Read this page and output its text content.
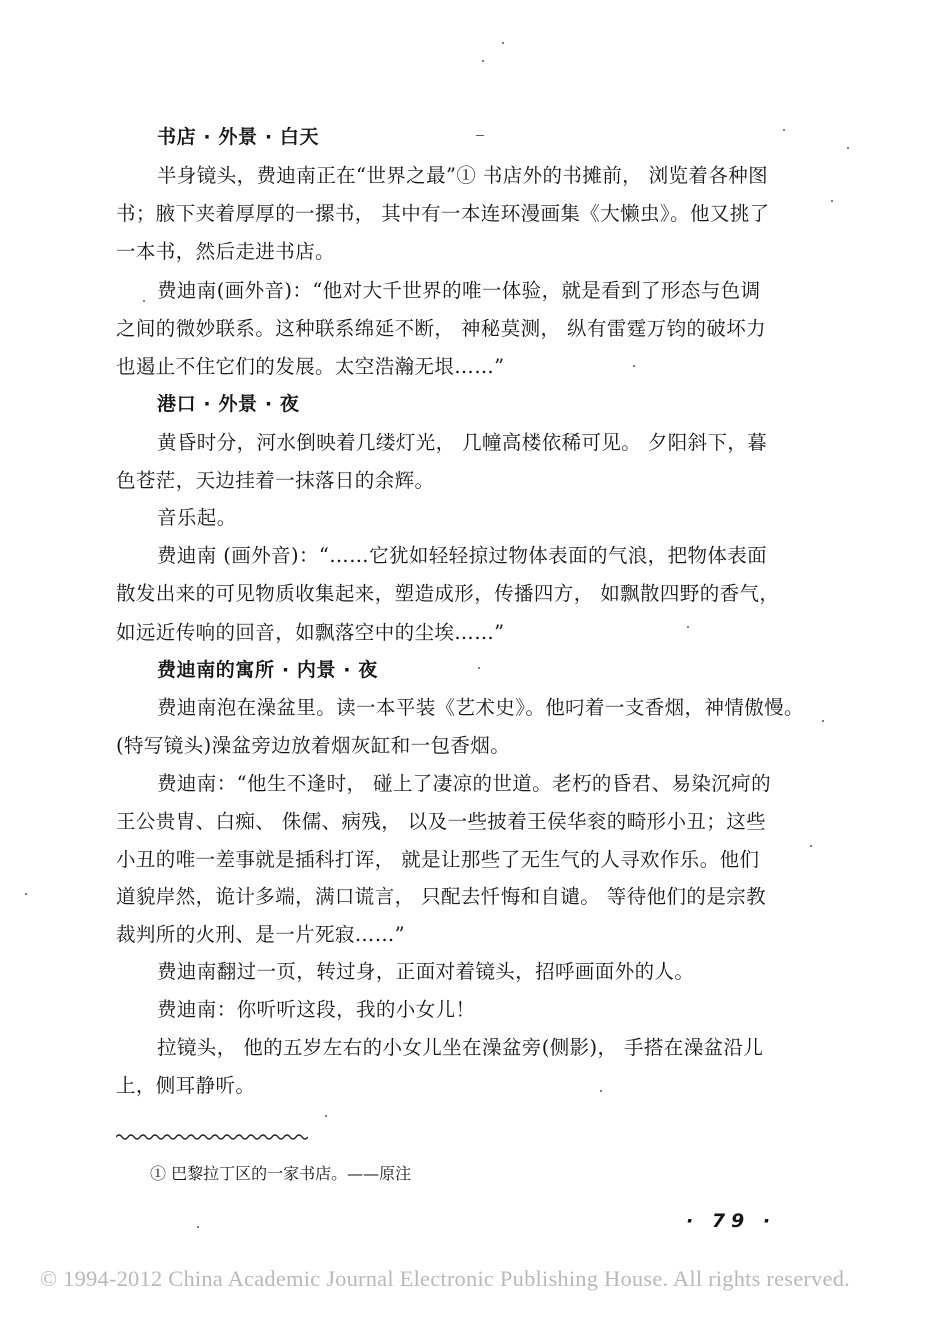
书店 · 外景 · 白天
半身镜头，费迪南正在“世界之最”① 书店外的书摊前， 浏览着各种图
书；腋下夹着厚厚的一摞书， 其中有一本连环漫画集《大懒虫》。他又挑了
一本书，然后走进书店。
费迪南(画外音)：“他对大千世界的唯一体验，就是看到了形态与色调
之间的微妙联系。这种联系绵延不断， 神秘莫测， 纵有雷霆万钧的破坏力
也遏止不住它们的发展。太空浩瀚无垠……”
港口 · 外景 · 夜
黄昏时分，河水倒映着几缕灯光， 几幢高楼依稀可见。 夕阳斜下，暮
色苍茫，天边挂着一抹落日的余辉。
音乐起。
费迪南 (画外音)：“……它犹如轻轻掠过物体表面的气浪，把物体表面
散发出来的可见物质收集起来，塑造成形，传播四方， 如飘散四野的香气，
如远近传响的回音，如飘落空中的尘埃……”
费迪南的寓所 · 内景 · 夜
费迪南泡在澡盆里。读一本平装《艺术史》。他叼着一支香烟，神情傲慢。
(特写镜头)澡盆旁边放着烟灰缸和一包香烟。
费迪南：“他生不逢时， 碰上了凄凉的世道。老朽的昏君、易染沉疴的
王公贵胄、白痴、 侏儒、病残， 以及一些披着王侯华衮的畸形小丑；这些
小丑的唯一差事就是插科打诨， 就是让那些了无生气的人寻欢作乐。他们
道貌岸然，诡计多端，满口谎言， 只配去忏悔和自谴。 等待他们的是宗教
裁判所的火刑、是一片死寂……”
费迪南翻过一页，转过身，正面对着镜头，招呼画面外的人。
费迪南：你听听这段，我的小女儿！
拉镜头， 他的五岁左右的小女儿坐在澡盆旁(侧影)， 手搭在澡盆沿儿
上，侧耳静听。
① 巴黎拉丁区的一家书店。——原注
· 79 ·
© 1994-2012 China Academic Journal Electronic Publishing House. All rights reserved.
